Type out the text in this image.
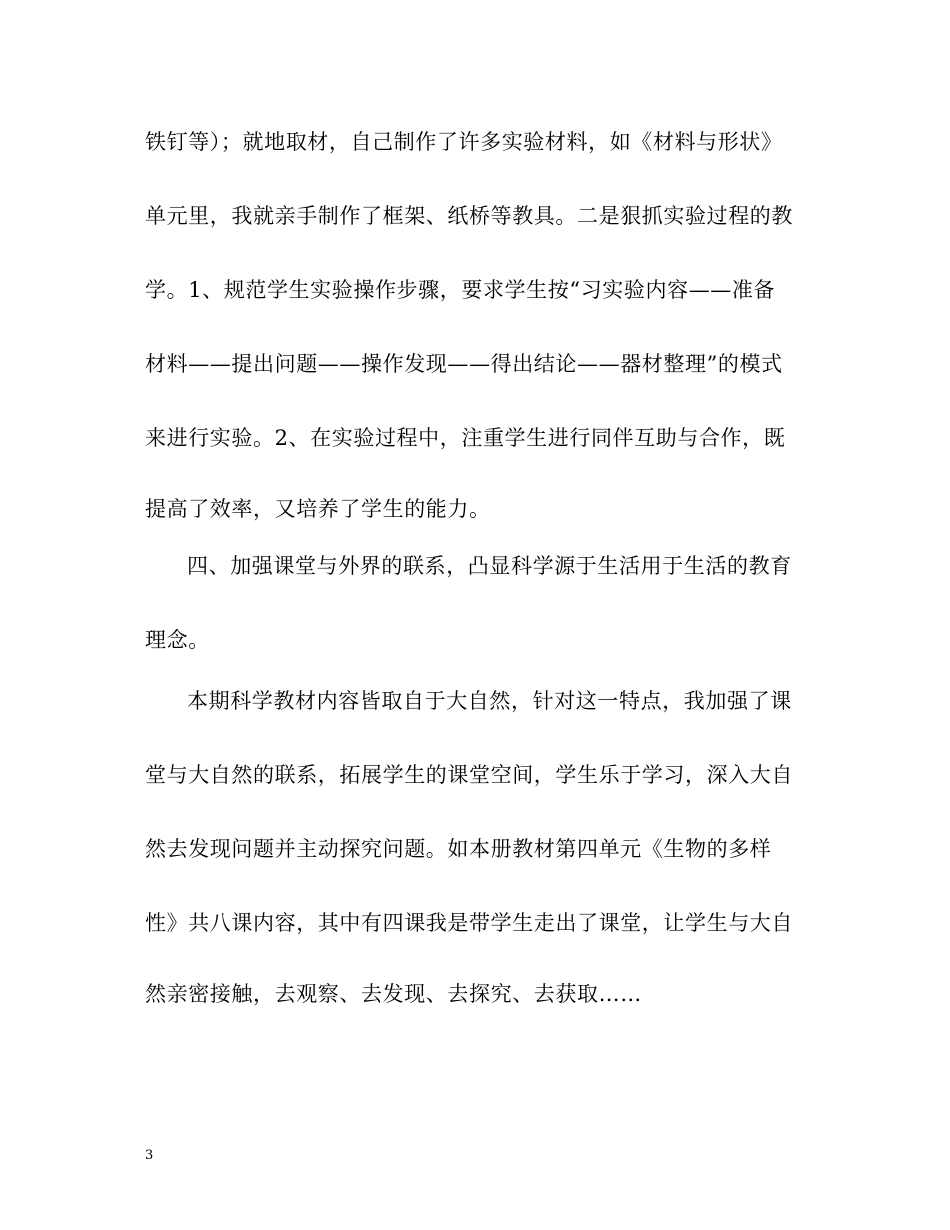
铁钉等）；就地取材，自己制作了许多实验材料，如《材料与形状》
单元里，我就亲手制作了框架、纸桥等教具。二是狠抓实验过程的教
学。1、规范学生实验操作步骤，要求学生按“习实验内容——准备
材料——提出问题——操作发现——得出结论——器材整理”的模式
来进行实验。2、在实验过程中，注重学生进行同伴互助与合作，既
提高了效率，又培养了学生的能力。
四、加强课堂与外界的联系，凸显科学源于生活用于生活的教育
理念。
本期科学教材内容皆取自于大自然，针对这一特点，我加强了课
堂与大自然的联系，拓展学生的课堂空间，学生乐于学习，深入大自
然去发现问题并主动探究问题。如本册教材第四单元《生物的多样
性》共八课内容，其中有四课我是带学生走出了课堂，让学生与大自
然亲密接触，去观察、去发现、去探究、去获取……
3
